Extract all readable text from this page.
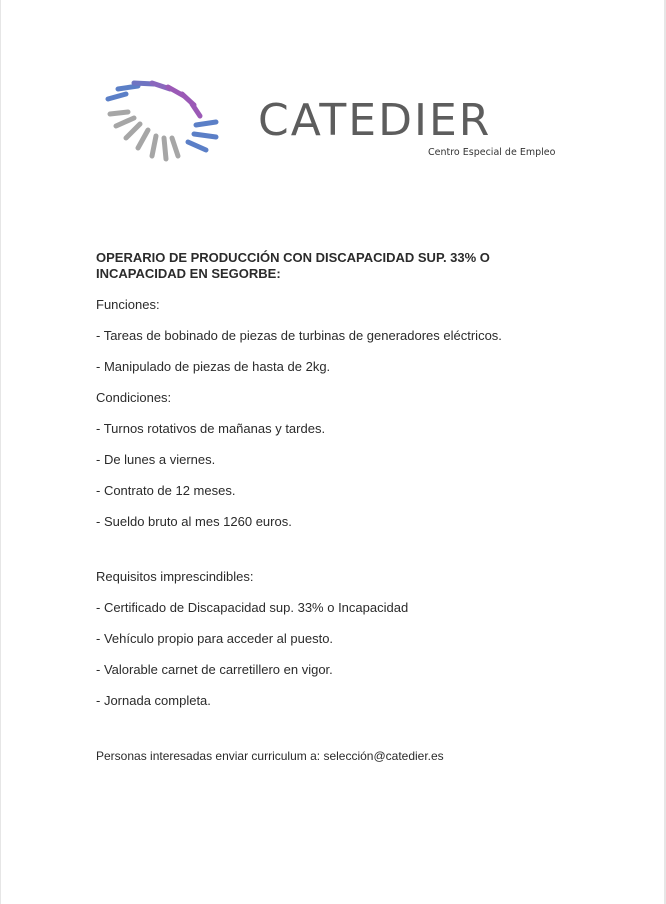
CATEDIER
Centro Especial de Empleo
OPERARIO DE PRODUCCIÓN CON DISCAPACIDAD SUP. 33% O
INCAPACIDAD EN SEGORBE:

Funciones:

- Tareas de bobinado de piezas de turbinas de generadores eléctricos.

- Manipulado de piezas de hasta de 2kg.

Condiciones:

- Turnos rotativos de mañanas y tardes.

- De lunes a viernes.

- Contrato de 12 meses.

- Sueldo bruto al mes 1260 euros.

Requisitos imprescindibles:

- Certificado de Discapacidad sup. 33% o Incapacidad

- Vehículo propio para acceder al puesto.

- Valorable carnet de carretillero en vigor.

- Jornada completa.

Personas interesadas enviar curriculum a: selección@catedier.es
